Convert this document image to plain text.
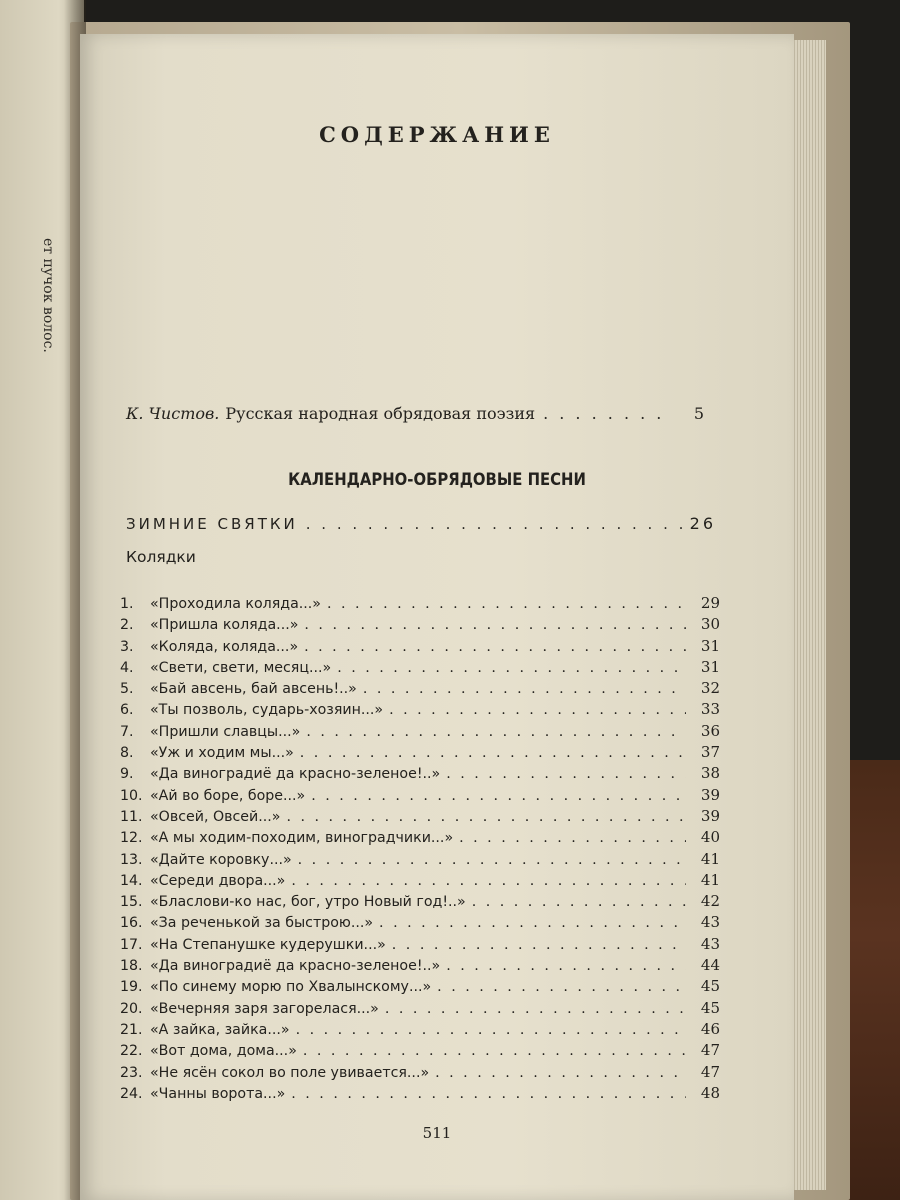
ет пучок волос.
СОДЕРЖАНИЕ
К. Чистов. Русская народная обрядовая поэзия . . .	5
КАЛЕНДАРНО-ОБРЯДОВЫЕ ПЕСНИ
ЗИМНИЕ СВЯТКИ . . .	26
Колядки
1.	«Проходила коляда...» . . .	29
2.	«Пришла коляда...» . . .	30
3.	«Коляда, коляда...» . . .	31
4.	«Свети, свети, месяц...» . . .	31
5.	«Бай авсень, бай авсень!..» . . .	32
6.	«Ты позволь, сударь-хозяин...» . . .	33
7.	«Пришли славцы...» . . .	36
8.	«Уж и ходим мы...» . . .	37
9.	«Да виноградиё да красно-зеленое!..» . . .	38
10. «Ай во боре, боре...» . . .	39
11. «Овсей, Овсей...» . . .	39
12. «А мы ходим-походим, виноградчики...» . . .	40
13. «Дайте коровку...» . . .	41
14. «Середи двора...» . . .	41
15. «Бласлови-ко нас, бог, утро Новый год!..» . . .	42
16. «За реченькой за быстрою...» . . .	43
17. «На Степанушке кудерушки...» . . .	43
18. «Да виноградиё да красно-зеленое!..» . . .	44
19. «По синему морю по Хвалынскому...» . . .	45
20. «Вечерняя заря загорелася...» . . .	45
21. «А зайка, зайка...» . . .	46
22. «Вот дома, дома...» . . .	47
23. «Не ясён сокол во поле увивается...» . . .	47
24. «Чанны ворота...» . . .	48
511
